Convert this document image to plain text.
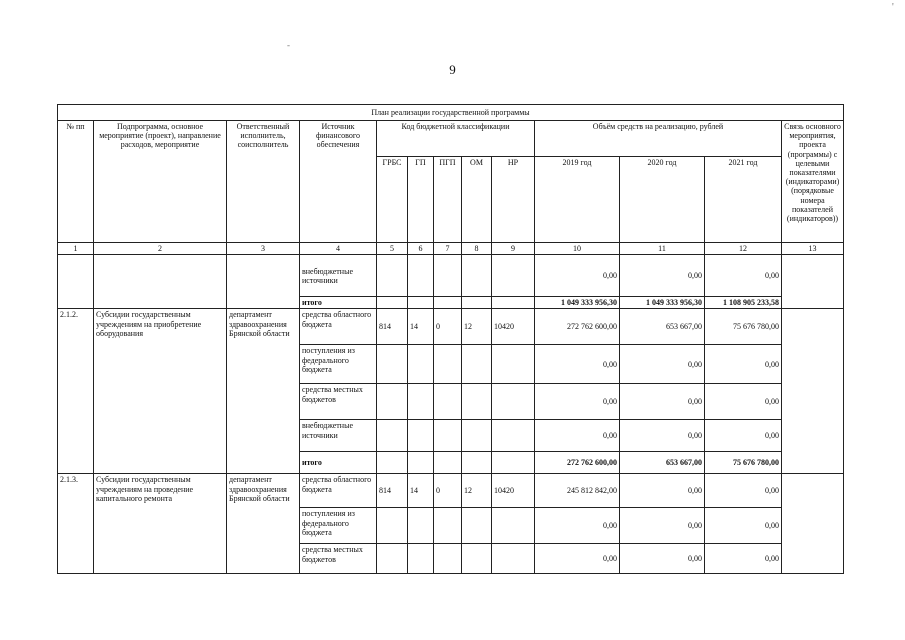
'
-
9
План реализации государственной программы												
№ пп	Подпрограмма, основное мероприятие (проект), направление расходов, мероприятие	Ответственный исполнитель, соисполнитель	Источник финансового обеспечения	Код бюджетной классификации					Объём средств на реализацию, рублей			Связь основного мероприятия, проекта (программы) с целевыми показателями (индикаторами) (порядковые номера показателей (индикаторов))
				ГРБС	ГП	ПГП	ОМ	НР	2019 год	2020 год	2021 год	
1	2	3	4	5	6	7	8	9	10	11	12	13
			внебюджетные источники						0,00	0,00	0,00	
			итого						1 049 333 956,30	1 049 333 956,30	1 108 905 233,58	
2.1.2.	Субсидии государственным учреждениям на приобретение оборудования	департамент здравоохранения Брянской области	средства областного бюджета	814	14	0	12	10420	272 762 600,00	653 667,00	75 676 780,00	
			поступления из федерального бюджета						0,00	0,00	0,00	
			средства местных бюджетов						0,00	0,00	0,00	
			внебюджетные источники						0,00	0,00	0,00	
			итого						272 762 600,00	653 667,00	75 676 780,00	
2.1.3.	Субсидии государственным учреждениям на проведение капитального ремонта	департамент здравоохранения Брянской области	средства областного бюджета	814	14	0	12	10420	245 812 842,00	0,00	0,00	
			поступления из федерального бюджета						0,00	0,00	0,00	
			средства местных бюджетов						0,00	0,00	0,00	
